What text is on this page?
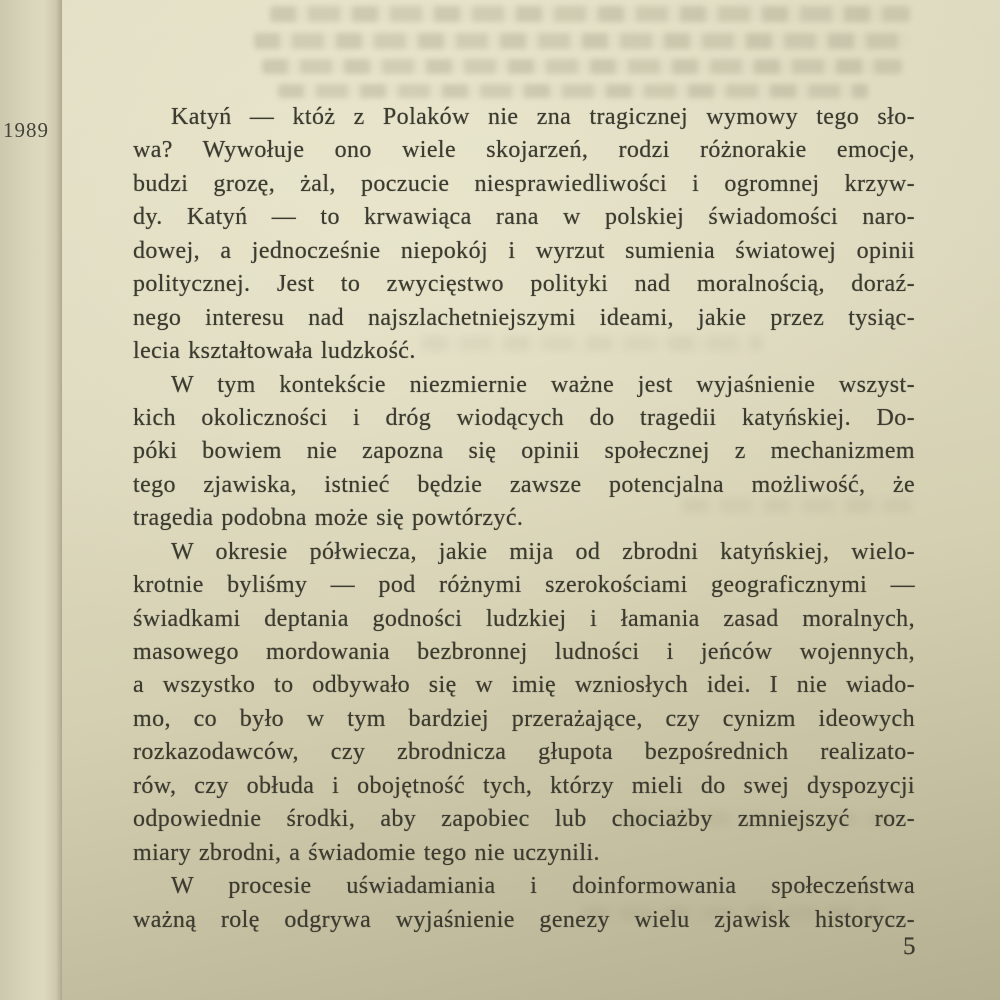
1989	Katyń — któż z Polaków nie zna tragicznej wymowy tego sło-
wa? Wywołuje ono wiele skojarzeń, rodzi różnorakie emocje,
budzi grozę, żal, poczucie niesprawiedliwości i ogromnej krzyw-
dy. Katyń — to krwawiąca rana w polskiej świadomości naro-
dowej, a jednocześnie niepokój i wyrzut sumienia światowej opinii
politycznej. Jest to zwycięstwo polityki nad moralnością, doraź-
nego interesu nad najszlachetniejszymi ideami, jakie przez tysiąc-
lecia kształtowała ludzkość.
W tym kontekście niezmiernie ważne jest wyjaśnienie wszyst-
kich okoliczności i dróg wiodących do tragedii katyńskiej. Do-
póki bowiem nie zapozna się opinii społecznej z mechanizmem
tego zjawiska, istnieć będzie zawsze potencjalna możliwość, że
tragedia podobna może się powtórzyć.
W okresie półwiecza, jakie mija od zbrodni katyńskiej, wielo-
krotnie byliśmy — pod różnymi szerokościami geograficznymi —
świadkami deptania godności ludzkiej i łamania zasad moralnych,
masowego mordowania bezbronnej ludności i jeńców wojennych,
a wszystko to odbywało się w imię wzniosłych idei. I nie wiado-
mo, co było w tym bardziej przerażające, czy cynizm ideowych
rozkazodawców, czy zbrodnicza głupota bezpośrednich realizato-
rów, czy obłuda i obojętność tych, którzy mieli do swej dyspozycji
odpowiednie środki, aby zapobiec lub chociażby zmniejszyć roz-
miary zbrodni, a świadomie tego nie uczynili.
W procesie uświadamiania i doinformowania społeczeństwa
ważną rolę odgrywa wyjaśnienie genezy wielu zjawisk historycz-
5
